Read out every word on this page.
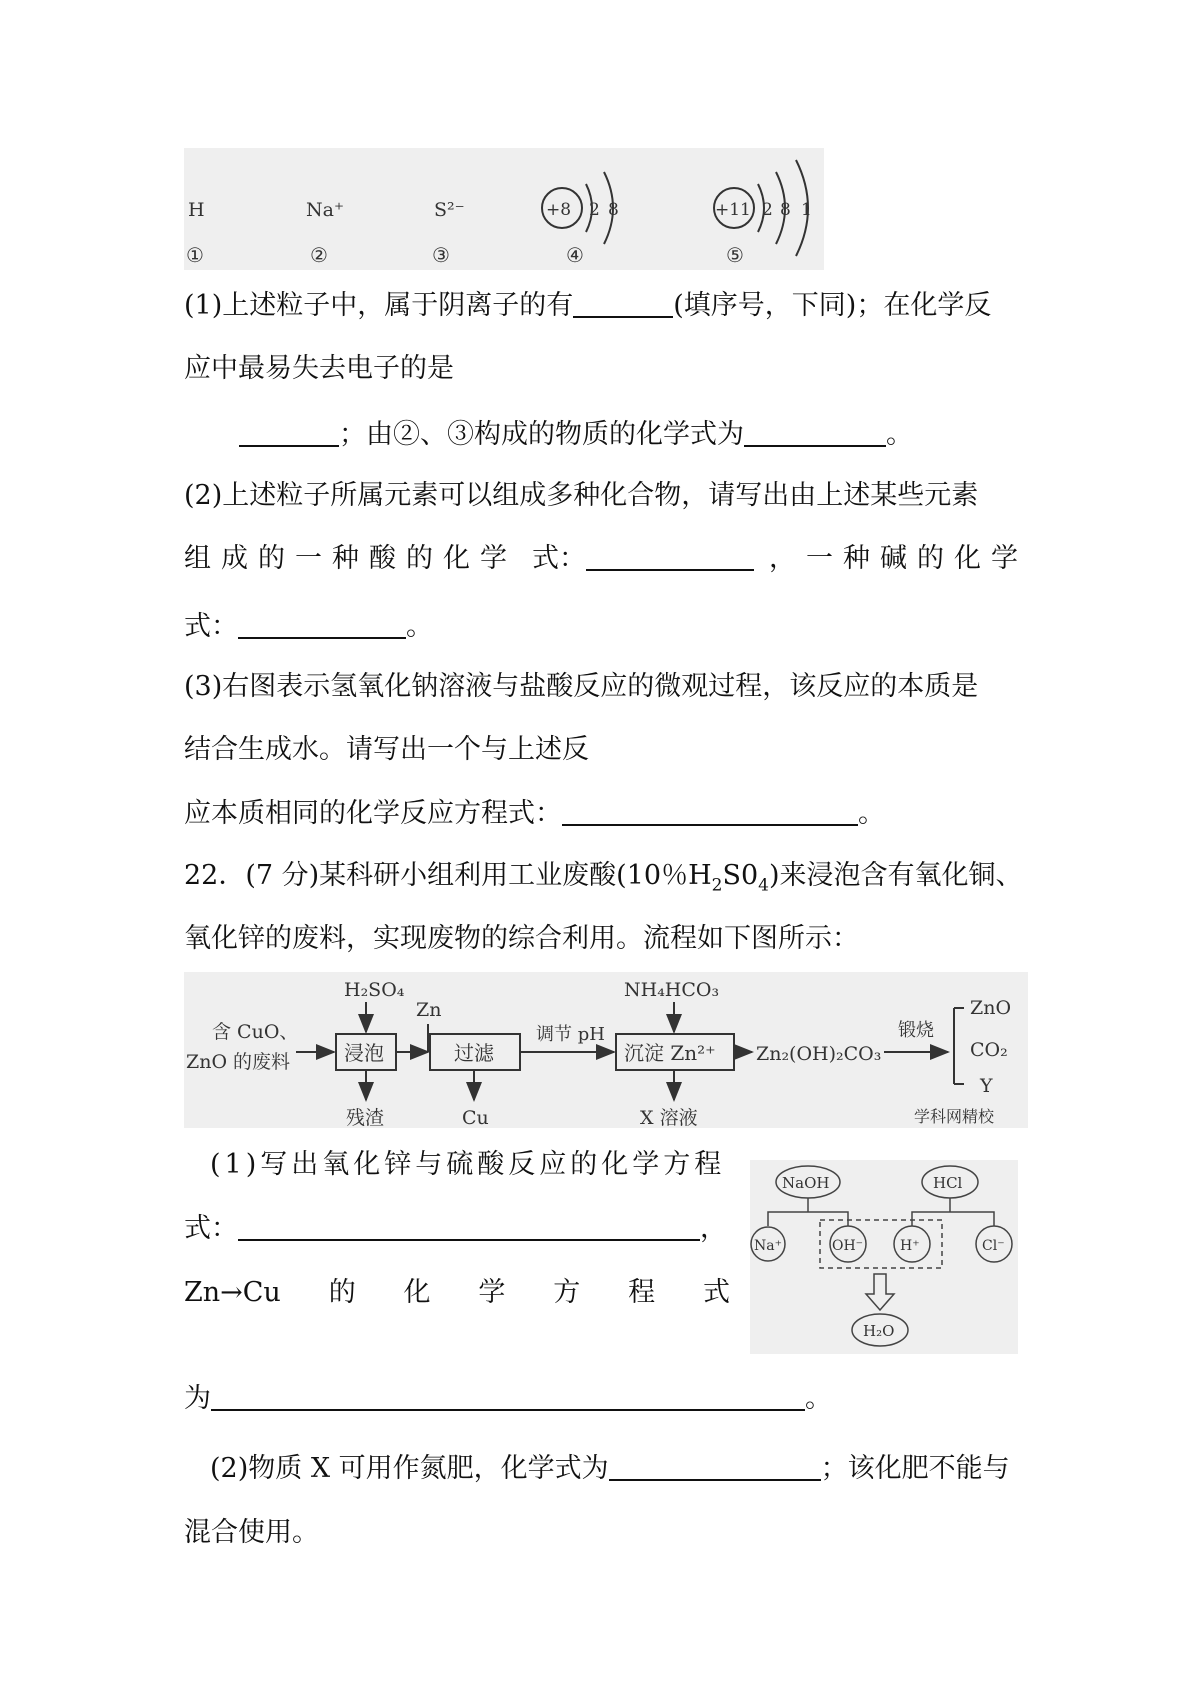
H	Na⁺	S²⁻	+8 2 8	+11 2 8 1
①	②	③	④	⑤
(1)上述粒子中，属于阴离子的有	(填序号，下同)；在化学反
应中最易失去电子的是
；由②、③构成的物质的化学式为	。
(2)上述粒子所属元素可以组成多种化合物，请写出由上述某些元素
组成的一种酸的化学 式：	，一种碱的化学
式：	。
(3)右图表示氢氧化钠溶液与盐酸反应的微观过程，该反应的本质是
结合生成水。请写出一个与上述反
应本质相同的化学反应方程式：	。
22．(7 分)某科研小组利用工业废酸(10％$H_2S0_4$)来浸泡含有氧化铜、
氧化锌的废料，实现废物的综合利用。流程如下图所示：
含 CuO、
ZnO 的废料	浸泡
H₂SO₄
残渣
Zn
过滤
Cu
调节 pH
沉淀 Zn²⁺
NH₄HCO₃
X 溶液
Zn₂(OH)₂CO₃
锻烧
ZnO
CO₂
Y
学科网精校
NaOH	HCl
Na⁺	OH⁻	H⁺	Cl⁻
H₂O
(1)写出氧化锌与硫酸反应的化学方程
式：	，
Zn→Cu 的 化 学 方 程 式
为	。
(2)物质 X 可用作氮肥，化学式为	；该化肥不能与
混合使用。
